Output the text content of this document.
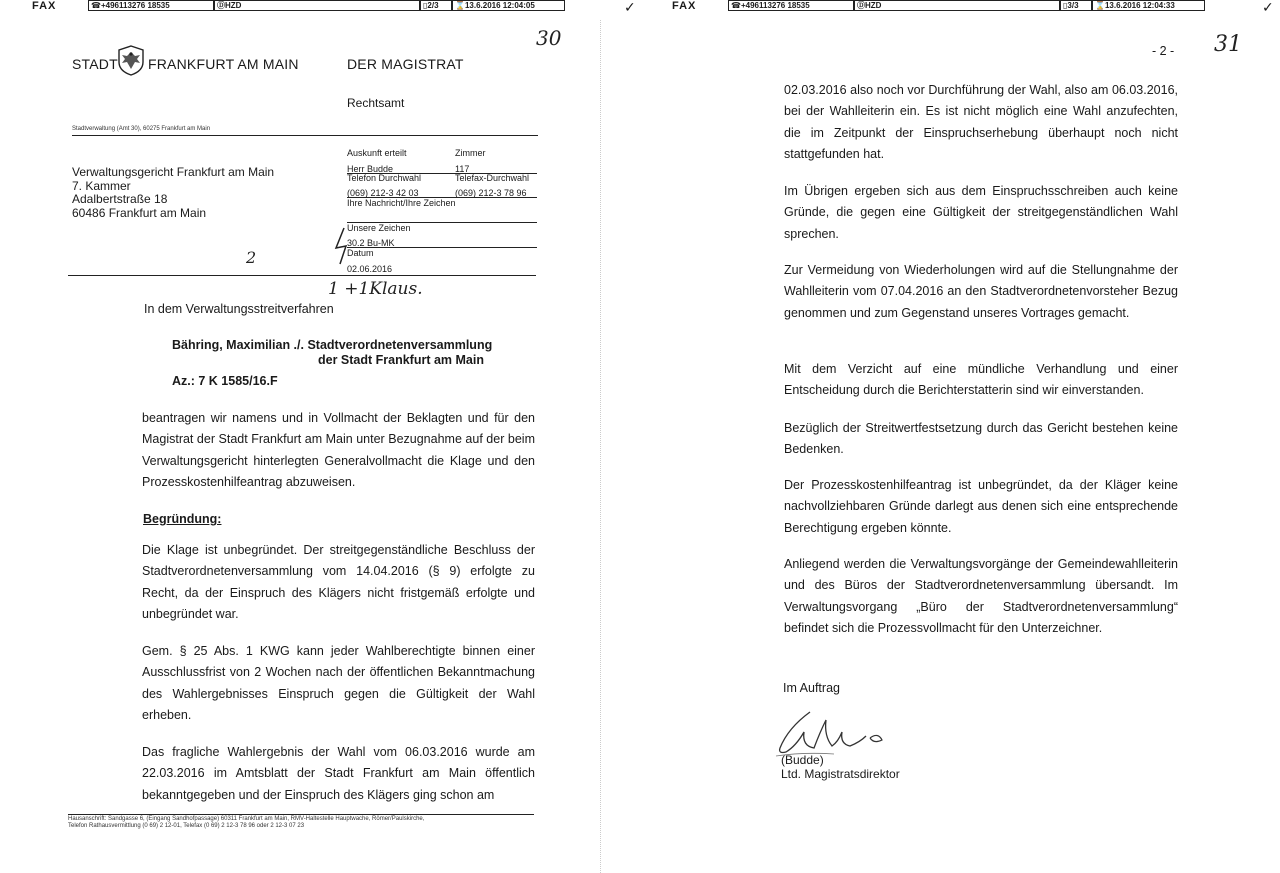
FAX	☎+496113276 18535	ⒹHZD	▯2/3	⌛13.6.2016 12:04:05	✓	FAX	☎+496113276 18535	ⒹHZD	▯3/3	⌛13.6.2016 12:04:33	✓
30
STADT FRANKFURT AM MAIN	DER MAGISTRAT
Rechtsamt
Stadtverwaltung (Amt 30), 60275 Frankfurt am Main
Verwaltungsgericht Frankfurt am Main
7. Kammer
Adalbertstraße 18
60486 Frankfurt am Main
Auskunft erteilt	Zimmer
Herr Budde	117
Telefon Durchwahl	Telefax-Durchwahl
(069) 212-3 42 03	(069) 212-3 78 96
Ihre Nachricht/Ihre Zeichen
Unsere Zeichen
30.2 Bu-MK
Datum
02.06.2016
2
1 +1Klaus.
In dem Verwaltungsstreitverfahren
Bähring, Maximilian ./. Stadtverordnetenversammlung
der Stadt Frankfurt am Main
Az.: 7 K 1585/16.F
beantragen wir namens und in Vollmacht der Beklagten und für den Magistrat der Stadt Frankfurt am Main unter Bezugnahme auf der beim Verwaltungsgericht hinterlegten Generalvollmacht die Klage und den Prozesskostenhilfeantrag abzuweisen.
Begründung:
Die Klage ist unbegründet. Der streitgegenständliche Beschluss der Stadtverordnetenversammlung vom 14.04.2016 (§ 9) erfolgte zu Recht, da der Einspruch des Klägers nicht fristgemäß erfolgte und unbegründet war.
Gem. § 25 Abs. 1 KWG kann jeder Wahlberechtigte binnen einer Ausschlussfrist von 2 Wochen nach der öffentlichen Bekanntmachung des Wahlergebnisses Einspruch gegen die Gültigkeit der Wahl erheben.
Das fragliche Wahlergebnis der Wahl vom 06.03.2016 wurde am 22.03.2016 im Amtsblatt der Stadt Frankfurt am Main öffentlich bekanntgegeben und der Einspruch des Klägers ging schon am
Hausanschrift: Sandgasse 6, (Eingang Sandhofpassage) 60311 Frankfurt am Main, RMV-Haltestelle Hauptwache, Römer/Paulskirche,
Telefon Rathausvermittlung (0 69) 2 12-01, Telefax (0 69) 2 12-3 78 96 oder 2 12-3 07 23
- 2 - 31
02.03.2016 also noch vor Durchführung der Wahl, also am 06.03.2016, bei der Wahlleiterin ein. Es ist nicht möglich eine Wahl anzufechten, die im Zeitpunkt der Einspruchserhebung überhaupt noch nicht stattgefunden hat.
Im Übrigen ergeben sich aus dem Einspruchsschreiben auch keine Gründe, die gegen eine Gültigkeit der streitgegenständlichen Wahl sprechen.
Zur Vermeidung von Wiederholungen wird auf die Stellungnahme der Wahlleiterin vom 07.04.2016 an den Stadtverordnetenvorsteher Bezug genommen und zum Gegenstand unseres Vortrages gemacht.
Mit dem Verzicht auf eine mündliche Verhandlung und einer Entscheidung durch die Berichterstatterin sind wir einverstanden.
Bezüglich der Streitwertfestsetzung durch das Gericht bestehen keine Bedenken.
Der Prozesskostenhilfeantrag ist unbegründet, da der Kläger keine nachvollziehbaren Gründe darlegt aus denen sich eine entsprechende Berechtigung ergeben könnte.
Anliegend werden die Verwaltungsvorgänge der Gemeindewahlleiterin und des Büros der Stadtverordnetenversammlung übersandt. Im Verwaltungsvorgang „Büro der Stadtverordnetenversammlung“ befindet sich die Prozessvollmacht für den Unterzeichner.
Im Auftrag
(Budde)
Ltd. Magistratsdirektor
